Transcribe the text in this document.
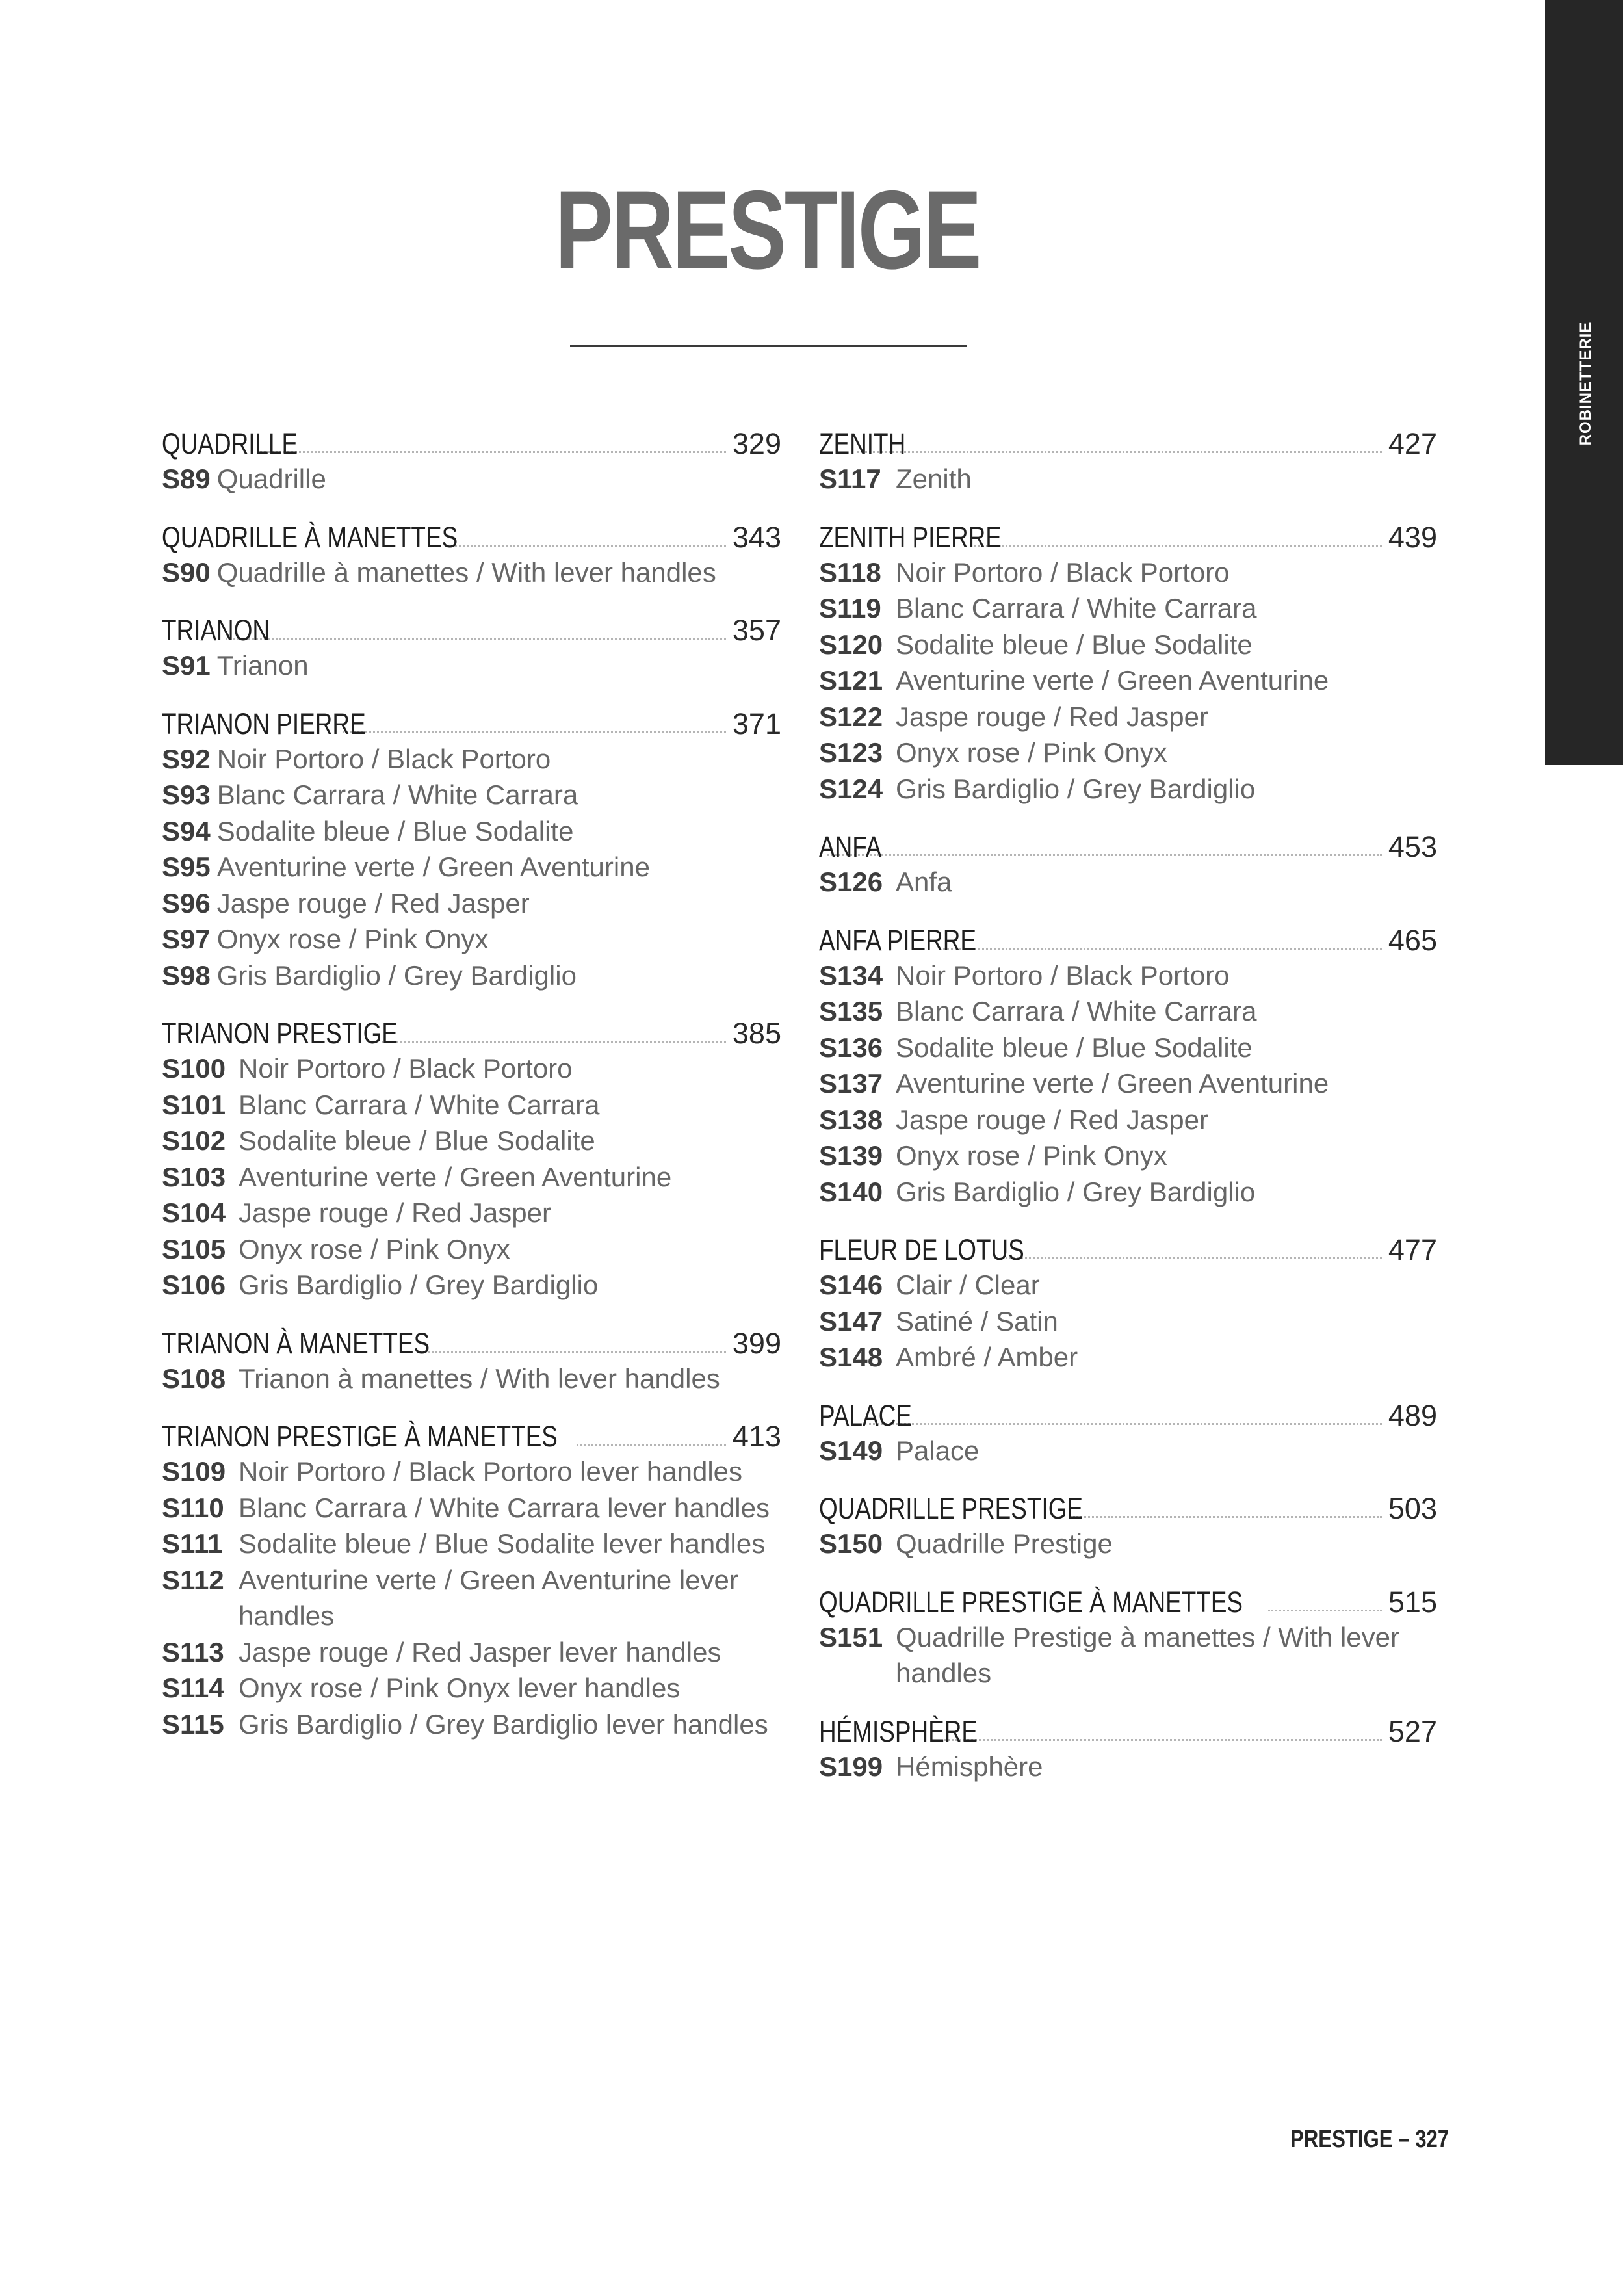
ROBINETTERIE
PRESTIGE
QUADRILLE	329
S89 Quadrille
QUADRILLE À MANETTES	343
S90 Quadrille à manettes / With lever handles
TRIANON	357
S91 Trianon
TRIANON PIERRE	371
S92 Noir Portoro / Black Portoro
S93 Blanc Carrara / White Carrara
S94 Sodalite bleue / Blue Sodalite
S95 Aventurine verte / Green Aventurine
S96 Jaspe rouge / Red Jasper
S97 Onyx rose / Pink Onyx
S98 Gris Bardiglio / Grey Bardiglio
TRIANON PRESTIGE	385
S100 Noir Portoro / Black Portoro
S101 Blanc Carrara / White Carrara
S102 Sodalite bleue / Blue Sodalite
S103 Aventurine verte / Green Aventurine
S104 Jaspe rouge / Red Jasper
S105 Onyx rose / Pink Onyx
S106 Gris Bardiglio / Grey Bardiglio
TRIANON À MANETTES	399
S108 Trianon à manettes / With lever handles
TRIANON PRESTIGE À MANETTES	413
S109 Noir Portoro / Black Portoro lever handles
S110 Blanc Carrara / White Carrara lever handles
S111 Sodalite bleue / Blue Sodalite lever handles
S112 Aventurine verte / Green Aventurine lever handles
S113 Jaspe rouge / Red Jasper lever handles
S114 Onyx rose / Pink Onyx lever handles
S115 Gris Bardiglio / Grey Bardiglio lever handles
ZENITH	427
S117 Zenith
ZENITH PIERRE	439
S118 Noir Portoro / Black Portoro
S119 Blanc Carrara / White Carrara
S120 Sodalite bleue / Blue Sodalite
S121 Aventurine verte / Green Aventurine
S122 Jaspe rouge / Red Jasper
S123 Onyx rose / Pink Onyx
S124 Gris Bardiglio / Grey Bardiglio
ANFA	453
S126 Anfa
ANFA PIERRE	465
S134 Noir Portoro / Black Portoro
S135 Blanc Carrara / White Carrara
S136 Sodalite bleue / Blue Sodalite
S137 Aventurine verte / Green Aventurine
S138 Jaspe rouge / Red Jasper
S139 Onyx rose / Pink Onyx
S140 Gris Bardiglio / Grey Bardiglio
FLEUR DE LOTUS	477
S146 Clair / Clear
S147 Satiné / Satin
S148 Ambré / Amber
PALACE	489
S149 Palace
QUADRILLE PRESTIGE	503
S150 Quadrille Prestige
QUADRILLE PRESTIGE À MANETTES	515
S151 Quadrille Prestige à manettes / With lever handles
HÉMISPHÈRE	527
S199 Hémisphère
PRESTIGE – 327
